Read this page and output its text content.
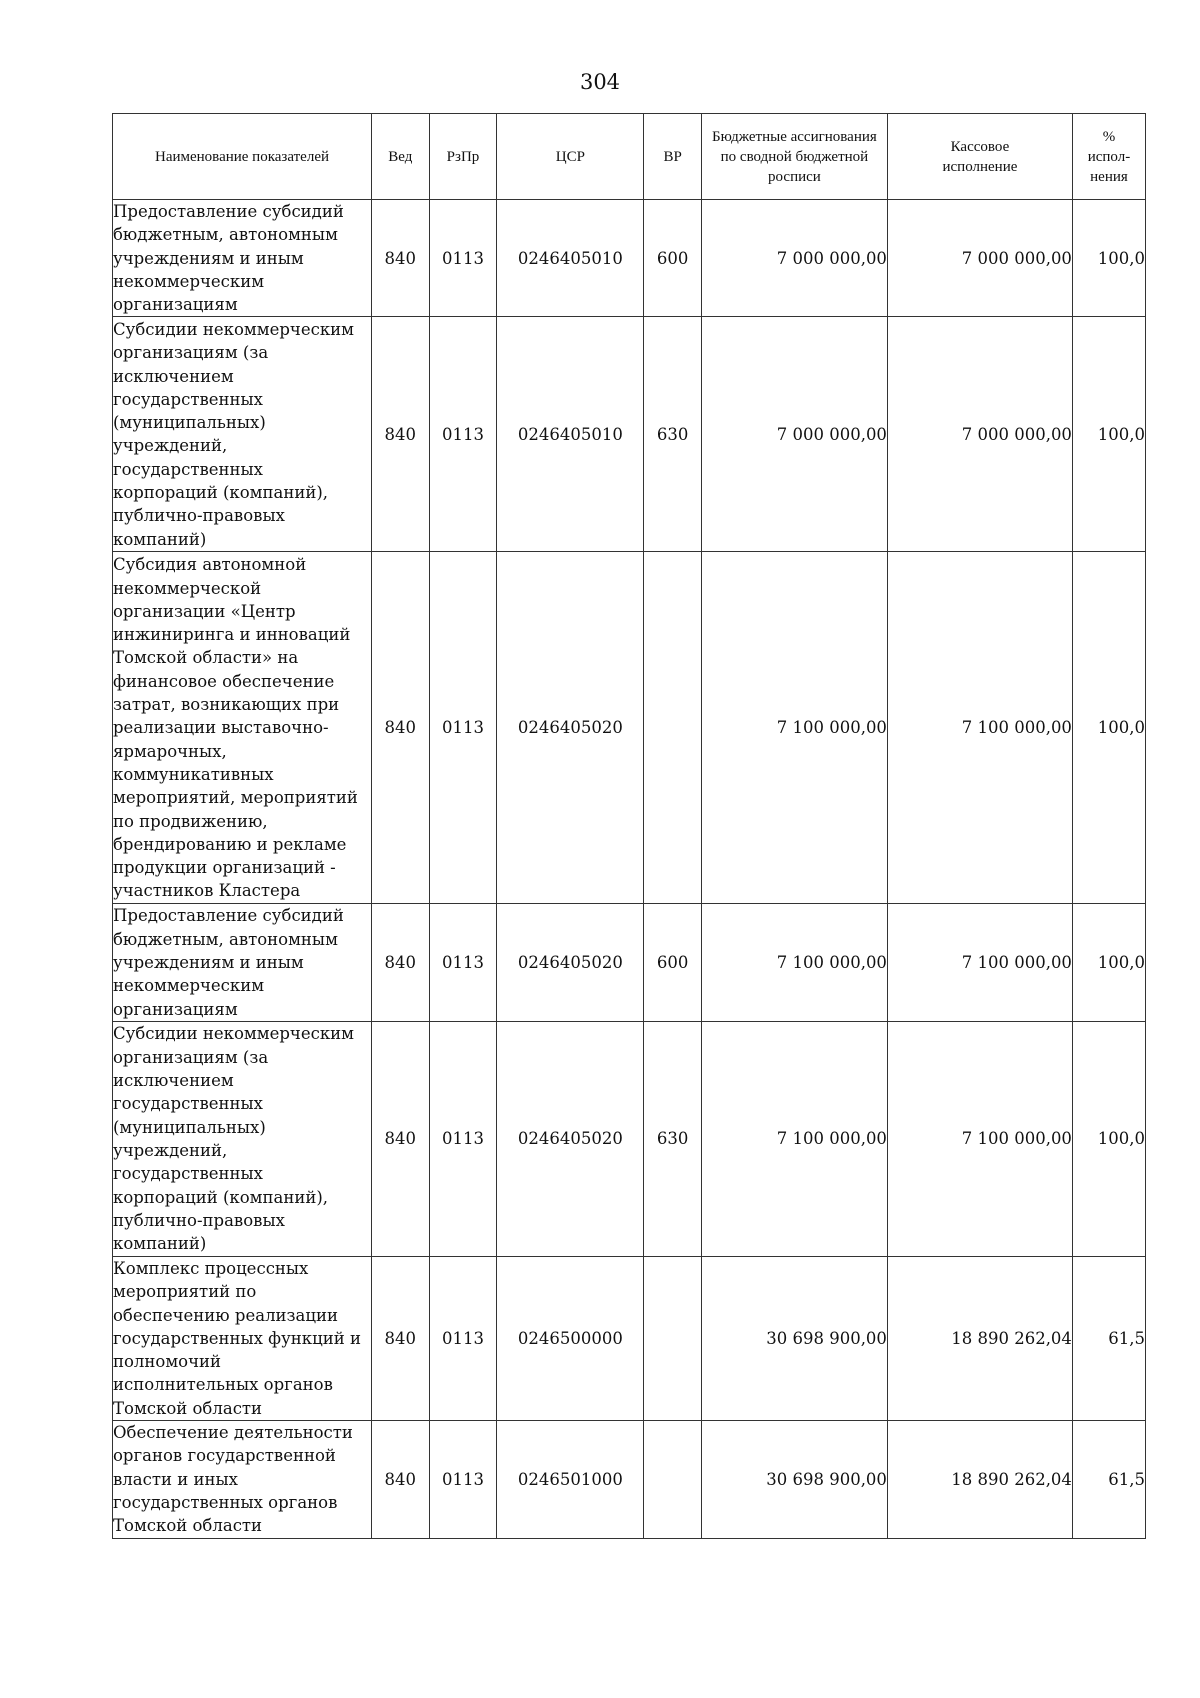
304
Наименование показателей	Вед	РзПр	ЦСР	ВР	Бюджетные ассигнования по сводной бюджетной росписи	Кассовое исполнение	% испол-нения
Предоставление субсидий бюджетным, автономным учреждениям и иным некоммерческим организациям	840	0113	0246405010	600	7 000 000,00	7 000 000,00	100,0
Субсидии некоммерческим организациям (за исключением государственных (муниципальных) учреждений, государственных корпораций (компаний), публично-правовых компаний)	840	0113	0246405010	630	7 000 000,00	7 000 000,00	100,0
Субсидия автономной некоммерческой организации «Центр инжиниринга и инноваций Томской области» на финансовое обеспечение затрат, возникающих при реализации выставочно-ярмарочных, коммуникативных мероприятий, мероприятий по продвижению, брендированию и рекламе продукции организаций - участников Кластера	840	0113	0246405020		7 100 000,00	7 100 000,00	100,0
Предоставление субсидий бюджетным, автономным учреждениям и иным некоммерческим организациям	840	0113	0246405020	600	7 100 000,00	7 100 000,00	100,0
Субсидии некоммерческим организациям (за исключением государственных (муниципальных) учреждений, государственных корпораций (компаний), публично-правовых компаний)	840	0113	0246405020	630	7 100 000,00	7 100 000,00	100,0
Комплекс процессных мероприятий по обеспечению реализации государственных функций и полномочий исполнительных органов Томской области	840	0113	0246500000		30 698 900,00	18 890 262,04	61,5
Обеспечение деятельности органов государственной власти и иных государственных органов Томской области	840	0113	0246501000		30 698 900,00	18 890 262,04	61,5
